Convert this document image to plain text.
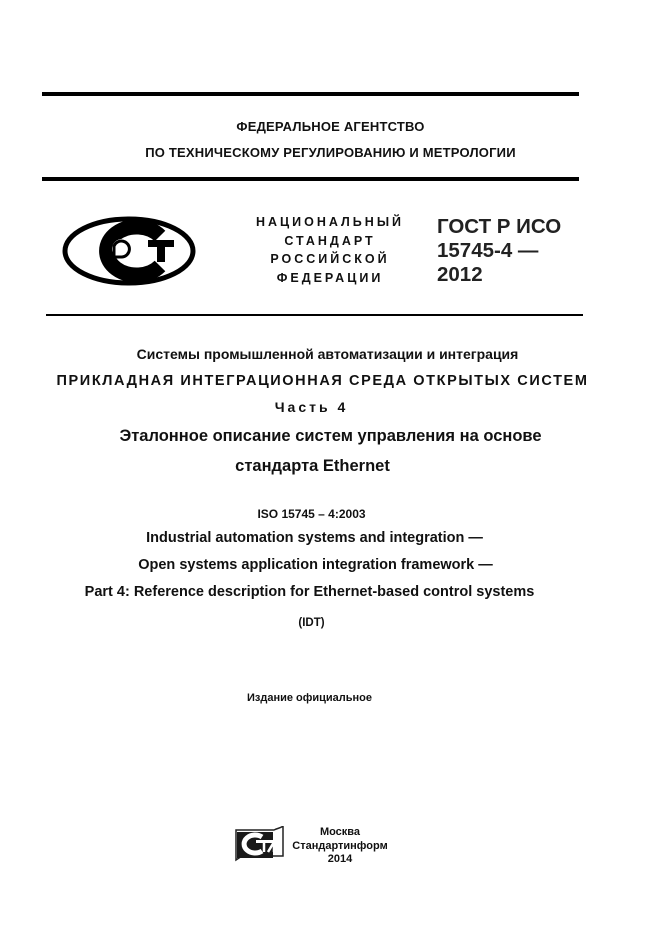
ФЕДЕРАЛЬНОЕ АГЕНТСТВО
ПО ТЕХНИЧЕСКОМУ РЕГУЛИРОВАНИЮ И МЕТРОЛОГИИ
НАЦИОНАЛЬНЫЙ
СТАНДАРТ
РОССИЙСКОЙ
ФЕДЕРАЦИИ
ГОСТ Р ИСО
15745-4 —
2012
Системы промышленной автоматизации и интеграция
ПРИКЛАДНАЯ ИНТЕГРАЦИОННАЯ СРЕДА ОТКРЫТЫХ СИСТЕМ
Часть 4
Эталонное описание систем управления на основе
стандарта Ethernet
ISO 15745 – 4:2003
Industrial automation systems and integration —
Open systems application integration framework —
Part 4: Reference description for Ethernet-based control systems
(IDT)
Издание официальное
Москва
Стандартинформ
2014
